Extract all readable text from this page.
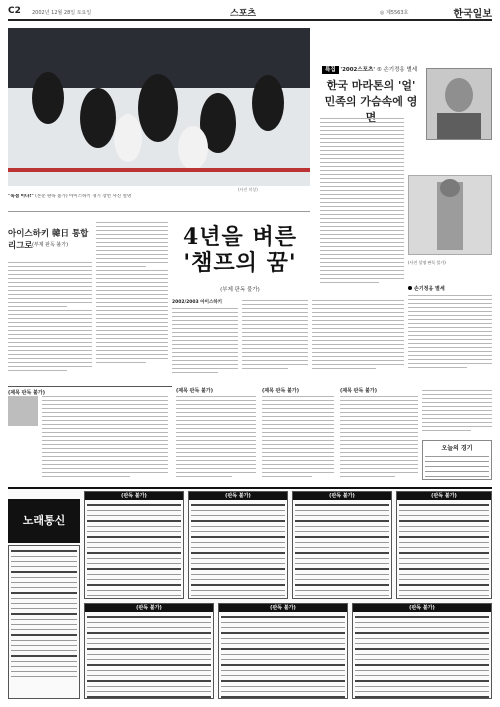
C2 2002년 12월 28일 토요일	스포츠	◎ 제5563호	한국일보
(사진 미상)
"독점 이다!" (본문 판독 불가) 아이스하키 경기 장면 사진 설명
아이스하키 韓日 통합리그로 (부제 판독 불가)	4년을 벼른
'챔프의 꿈'
(부제 판독 불가)
2002/2003 아이스하키
특집 '2002스포츠' ⑤ 손기정옹 별세
한국 마라톤의 '얼'
민족의 가슴속에 영면
(사진 설명 판독 불가)
손기정옹 별세
(제목 판독 불가)	(제목 판독 불가)	(제목 판독 불가)	(제목 판독 불가)
오늘의 경기
노래통신
(판독 불가)	(판독 불가)	(판독 불가)	(판독 불가)
(판독 불가)	(판독 불가)	(판독 불가)
